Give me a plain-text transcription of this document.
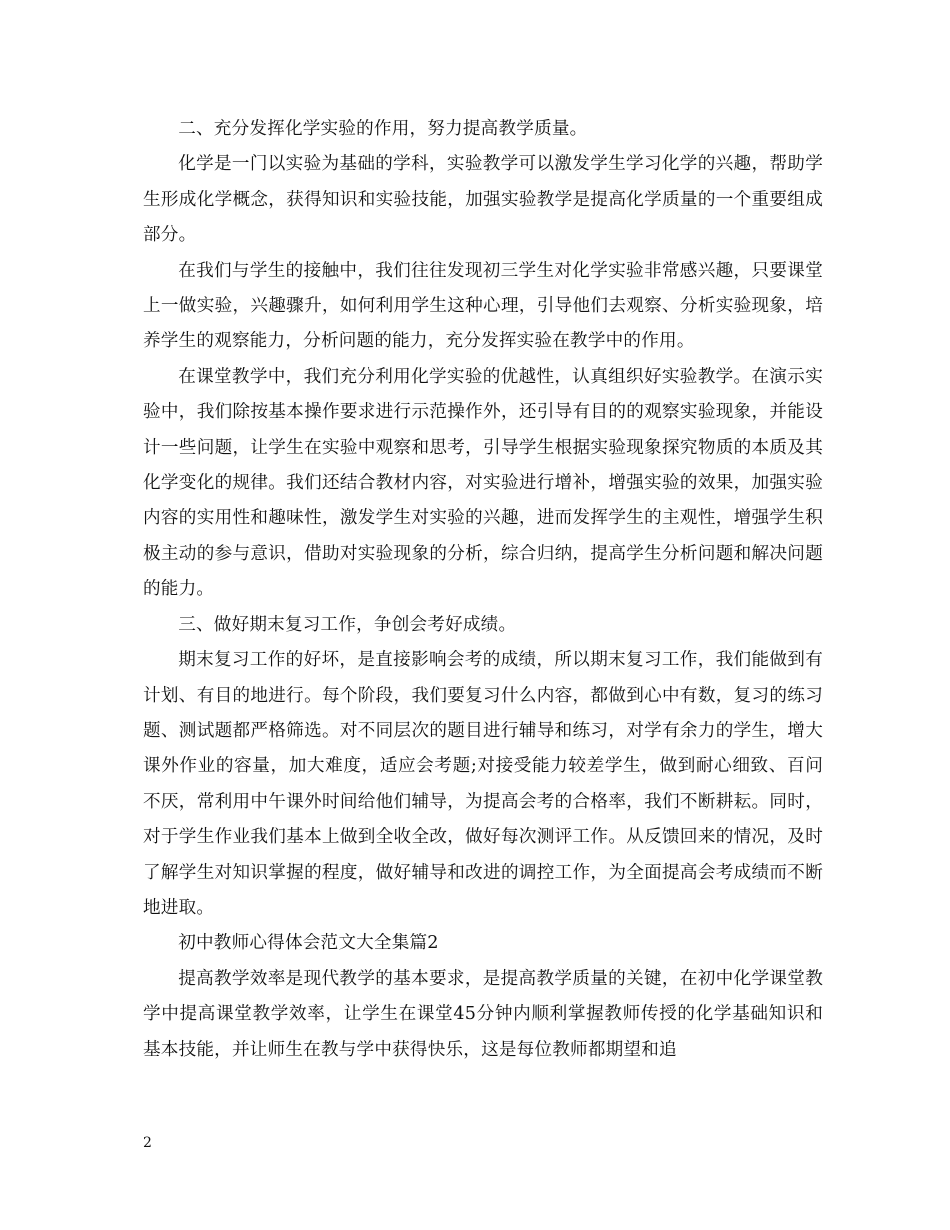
二、充分发挥化学实验的作用，努力提高教学质量。

化学是一门以实验为基础的学科，实验教学可以激发学生学习化学的兴趣，帮助学生形成化学概念，获得知识和实验技能，加强实验教学是提高化学质量的一个重要组成部分。

在我们与学生的接触中，我们往往发现初三学生对化学实验非常感兴趣，只要课堂上一做实验，兴趣骤升，如何利用学生这种心理，引导他们去观察、分析实验现象，培养学生的观察能力，分析问题的能力，充分发挥实验在教学中的作用。

在课堂教学中，我们充分利用化学实验的优越性，认真组织好实验教学。在演示实验中，我们除按基本操作要求进行示范操作外，还引导有目的的观察实验现象，并能设计一些问题，让学生在实验中观察和思考，引导学生根据实验现象探究物质的本质及其化学变化的规律。我们还结合教材内容，对实验进行增补，增强实验的效果，加强实验内容的实用性和趣味性，激发学生对实验的兴趣，进而发挥学生的主观性，增强学生积极主动的参与意识，借助对实验现象的分析，综合归纳，提高学生分析问题和解决问题的能力。

三、做好期末复习工作，争创会考好成绩。

期末复习工作的好坏，是直接影响会考的成绩，所以期末复习工作，我们能做到有计划、有目的地进行。每个阶段，我们要复习什么内容，都做到心中有数，复习的练习题、测试题都严格筛选。对不同层次的题目进行辅导和练习，对学有余力的学生，增大课外作业的容量，加大难度，适应会考题;对接受能力较差学生，做到耐心细致、百问不厌，常利用中午课外时间给他们辅导，为提高会考的合格率，我们不断耕耘。同时，对于学生作业我们基本上做到全收全改，做好每次测评工作。从反馈回来的情况，及时了解学生对知识掌握的程度，做好辅导和改进的调控工作，为全面提高会考成绩而不断地进取。

初中教师心得体会范文大全集篇2

提高教学效率是现代教学的基本要求，是提高教学质量的关键，在初中化学课堂教学中提高课堂教学效率，让学生在课堂45分钟内顺利掌握教师传授的化学基础知识和基本技能，并让师生在教与学中获得快乐，这是每位教师都期望和追

2
